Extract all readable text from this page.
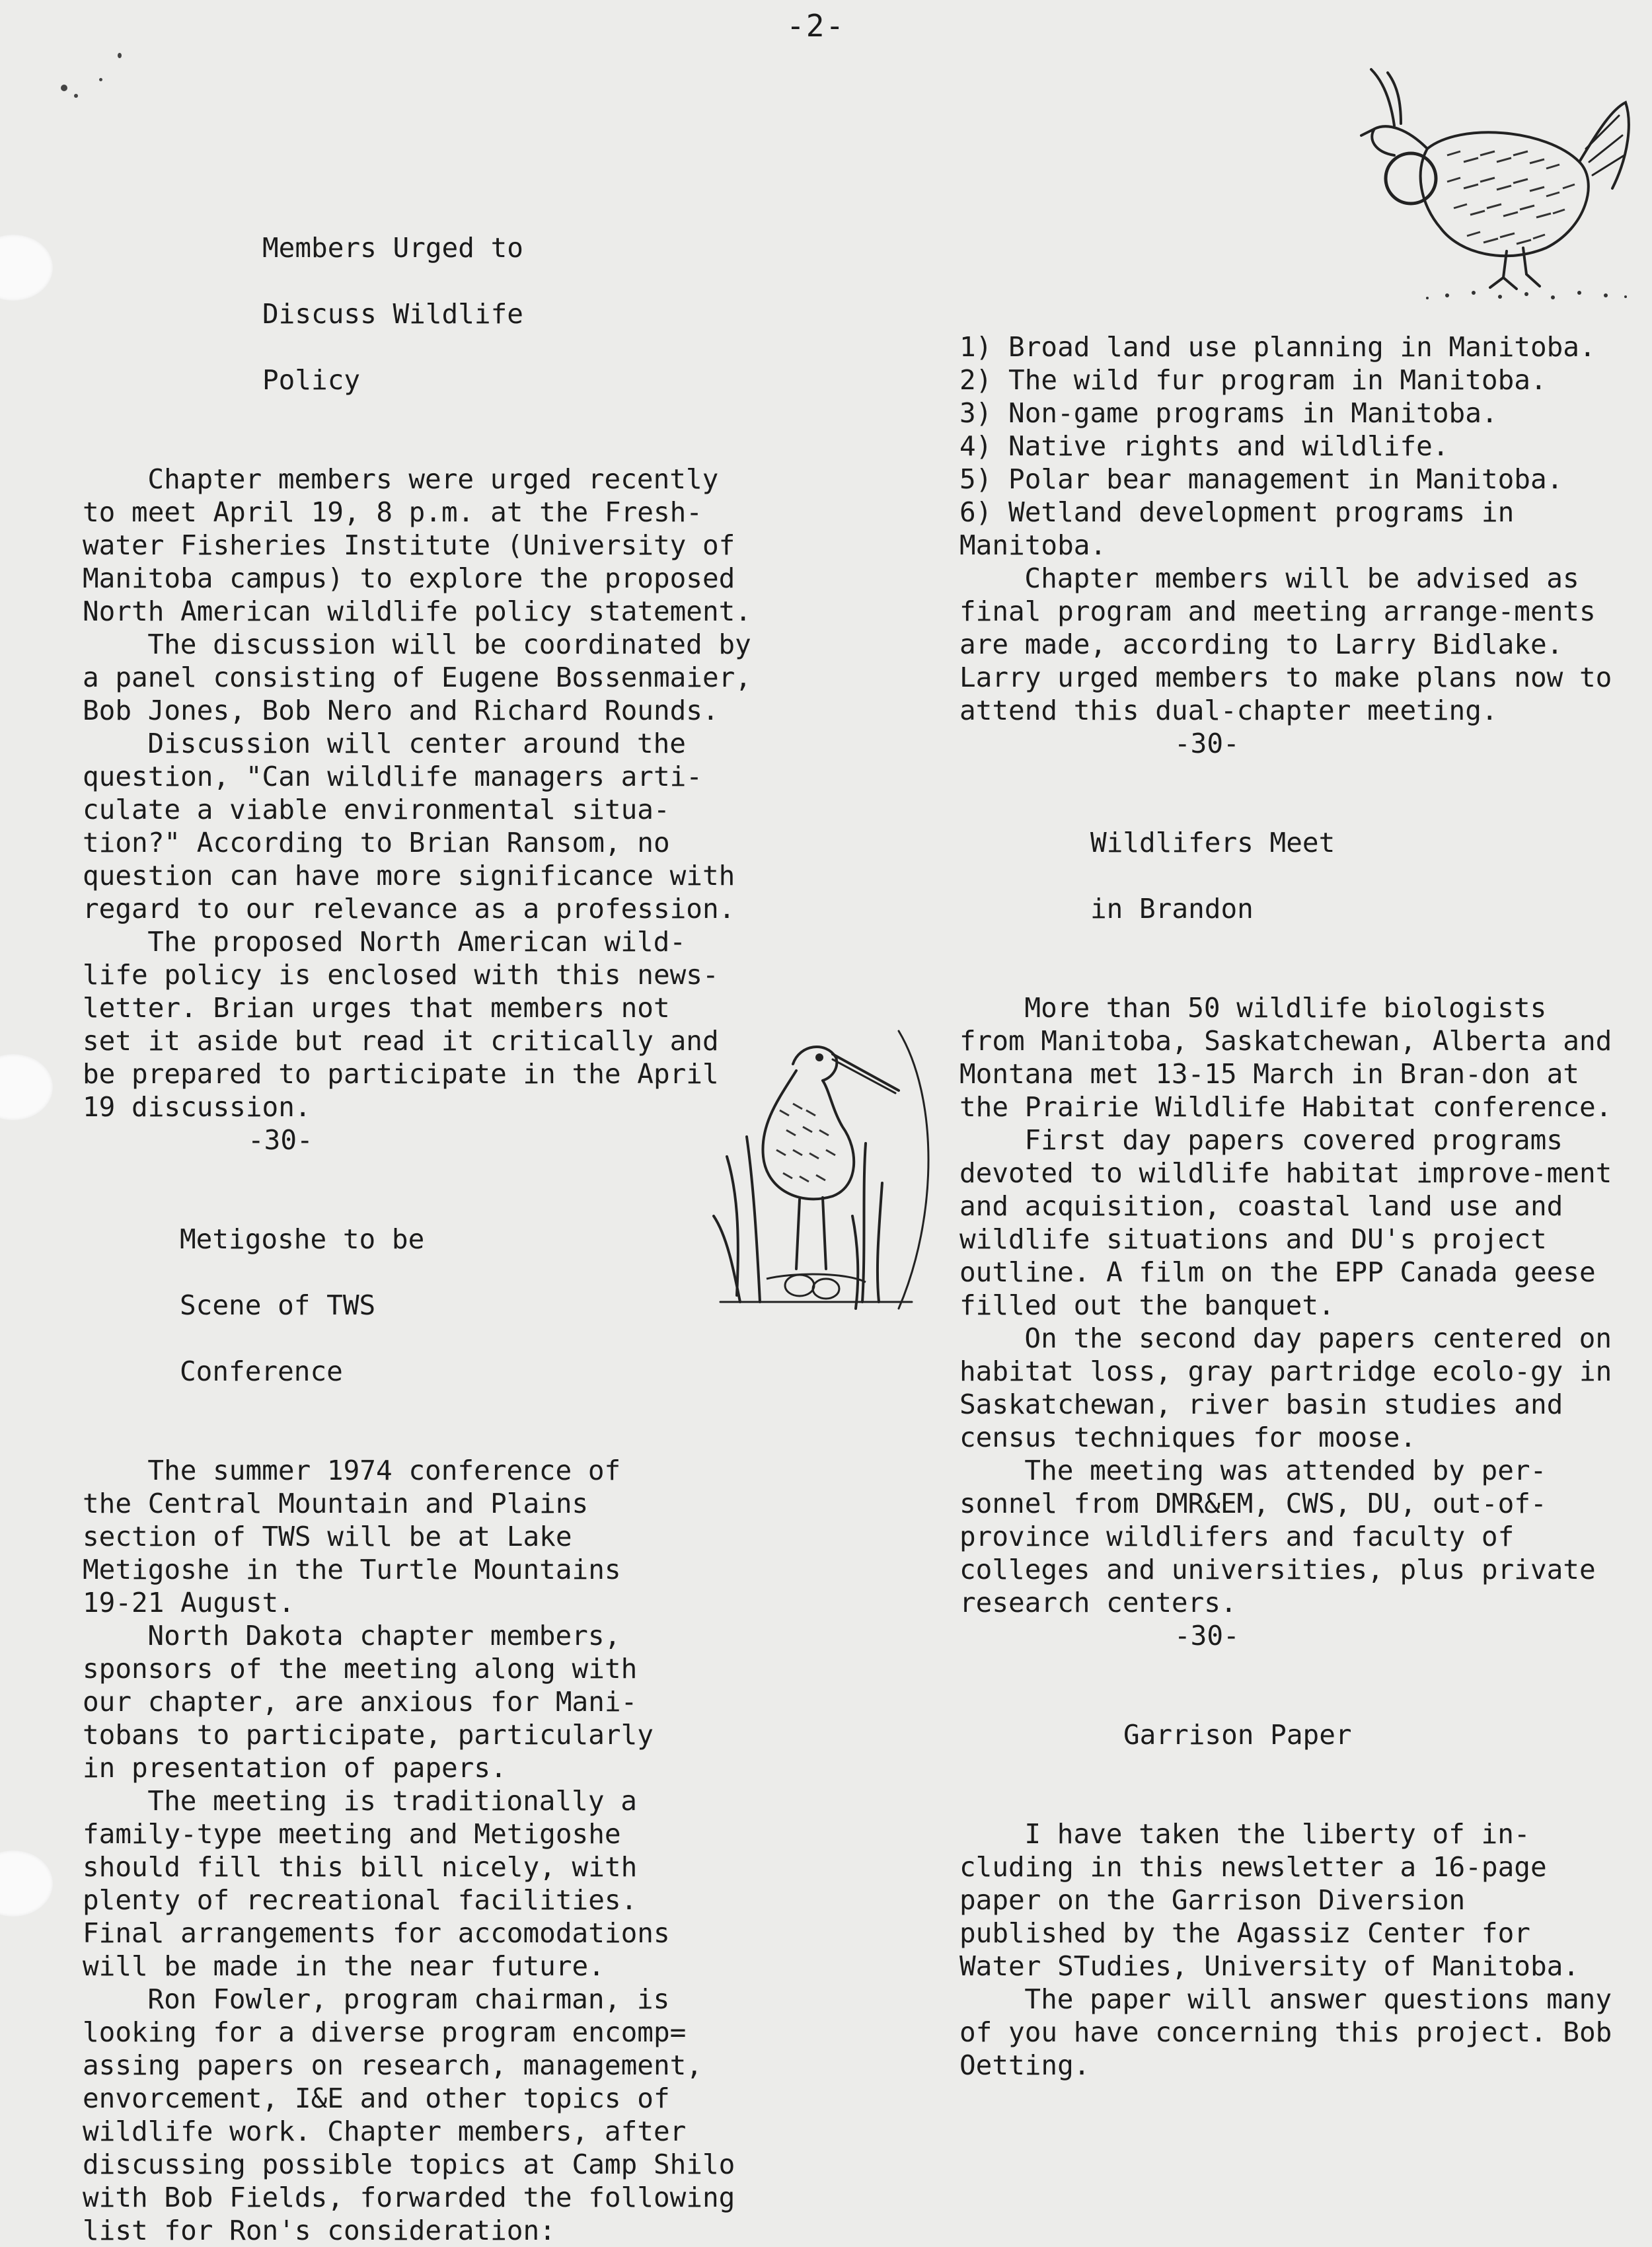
-2-

Members Urged to

Discuss Wildlife

Policy

Chapter members were urged recently to meet April 19, 8 p.m. at the Fresh-water Fisheries Institute (University of Manitoba campus) to explore the proposed North American wildlife policy statement.

The discussion will be coordinated by a panel consisting of Eugene Bossenmaier, Bob Jones, Bob Nero and Richard Rounds.

Discussion will center around the question, "Can wildlife managers arti-culate a viable environmental situa-tion?" According to Brian Ransom, no question can have more significance with regard to our relevance as a profession.

The proposed North American wild-life policy is enclosed with this news-letter. Brian urges that members not set it aside but read it critically and be prepared to participate in the April 19 discussion.

-30-

Metigoshe to be

Scene of TWS

Conference

The summer 1974 conference of the Central Mountain and Plains section of TWS will be at Lake Metigoshe in the Turtle Mountains 19-21 August.

North Dakota chapter members, sponsors of the meeting along with our chapter, are anxious for Mani-tobans to participate, particularly in presentation of papers.

The meeting is traditionally a family-type meeting and Metigoshe should fill this bill nicely, with plenty of recreational facilities. Final arrangements for accomodations will be made in the near future.

Ron Fowler, program chairman, is looking for a diverse program encomp= assing papers on research, management, envorcement, I&E and other topics of wildlife work. Chapter members, after discussing possible topics at Camp Shilo with Bob Fields, forwarded the following list for Ron's consideration:

1) Broad land use planning in Manitoba.
2) The wild fur program in Manitoba.
3) Non-game programs in Manitoba.
4) Native rights and wildlife.
5) Polar bear management in Manitoba.
6) Wetland development programs in Manitoba.

Chapter members will be advised as final program and meeting arrange-ments are made, according to Larry Bidlake. Larry urged members to make plans now to attend this dual-chapter meeting.

-30-

Wildlifers Meet

in Brandon

More than 50 wildlife biologists from Manitoba, Saskatchewan, Alberta and Montana met 13-15 March in Bran-don at the Prairie Wildlife Habitat conference.

First day papers covered programs devoted to wildlife habitat improve-ment and acquisition, coastal land use and wildlife situations and DU's project outline. A film on the EPP Canada geese filled out the banquet.

On the second day papers centered on habitat loss, gray partridge ecolo-gy in Saskatchewan, river basin studies and census techniques for moose.

The meeting was attended by per-sonnel from DMR&EM, CWS, DU, out-of-province wildlifers and faculty of colleges and universities, plus private research centers.

-30-

Garrison Paper

I have taken the liberty of in-cluding in this newsletter a 16-page paper on the Garrison Diversion published by the Agassiz Center for Water STudies, University of Manitoba.

The paper will answer questions many of you have concerning this project. Bob Oetting.
